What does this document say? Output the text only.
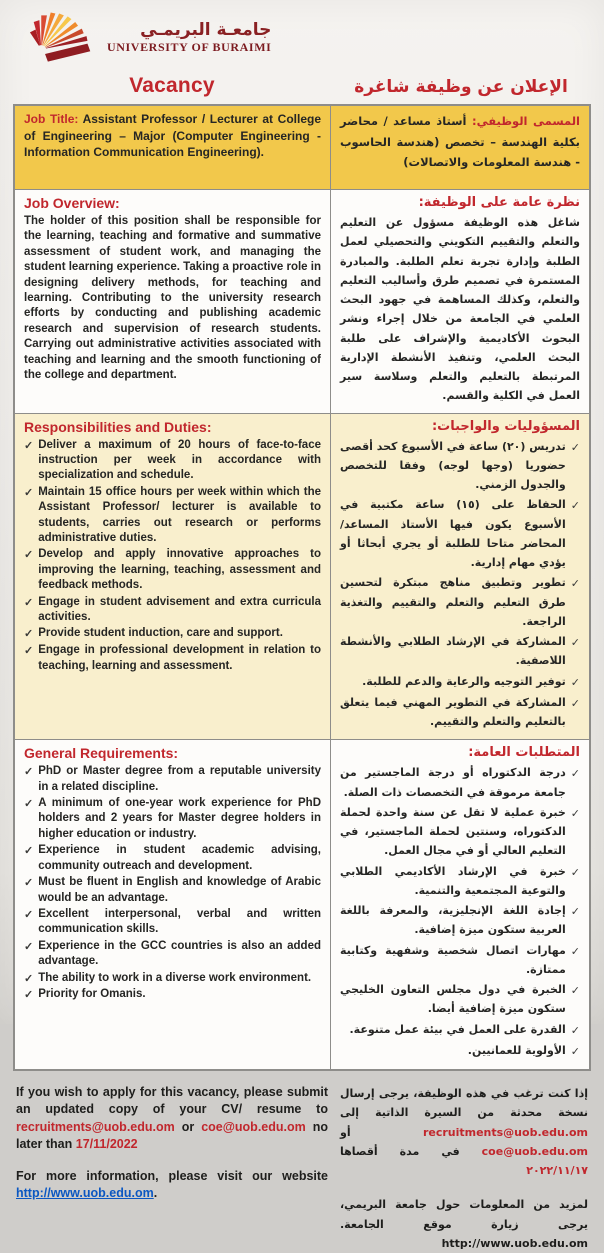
جامعـة البريمـي
UNIVERSITY OF BURAIMI
Vacancy	الإعلان عن وظيفة شاغرة

Job Title: Assistant Professor / Lecturer at College of Engineering – Major (Computer Engineering - Information Communication Engineering).

المسمى الوظيفي: أستاذ مساعد / محاضر بكلية الهندسة – تخصص (هندسة الحاسوب - هندسة المعلومات والاتصالات)

Job Overview:

The holder of this position shall be responsible for the learning, teaching and formative and summative assessment of student work, and managing the student learning experience. Taking a proactive role in designing delivery methods, for teaching and learning. Contributing to the university research efforts by conducting and publishing academic research and supervision of research students. Carrying out administrative activities associated with teaching and learning and the smooth functioning of the college and department.

نظرة عامة على الوظيفة:

شاغل هذه الوظيفة مسؤول عن التعليم والتعلم والتقييم التكويني والتحصيلي لعمل الطلبة وإدارة تجربة تعلم الطلبة. والمبادرة المستمرة في تصميم طرق وأساليب التعليم والتعلم، وكذلك المساهمة في جهود البحث العلمي في الجامعة من خلال إجراء ونشر البحوث الأكاديمية والإشراف على طلبة البحث العلمي، وتنفيذ الأنشطة الإدارية المرتبطة بالتعليم والتعلم وسلاسة سير العمل في الكلية والقسم.

Responsibilities and Duties:
✓ Deliver a maximum of 20 hours of face-to-face instruction per week in accordance with specialization and schedule.
✓ Maintain 15 office hours per week within which the Assistant Professor/ lecturer is available to students, carries out research or performs administrative duties.
✓ Develop and apply innovative approaches to improving the learning, teaching, assessment and feedback methods.
✓ Engage in student advisement and extra curricula activities.
✓ Provide student induction, care and support.
✓ Engage in professional development in relation to teaching, learning and assessment.
المسؤوليات والواجبات:
✓
تدريس (٢٠) ساعة في الأسبوع كحد أقصى حضوريا (وجها لوجه) وفقا للتخصص والجدول الزمني.
✓
الحفاظ على (١٥) ساعة مكتبية في الأسبوع يكون فيها الأستاذ المساعد/ المحاضر متاحا للطلبة أو يجري أبحاثا أو يؤدي مهام إدارية.
✓
تطوير وتطبيق مناهج مبتكرة لتحسين طرق التعليم والتعلم والتقييم والتغذية الراجعة.
✓
المشاركة في الإرشاد الطلابي والأنشطة اللاصفية.
✓
توفير التوجيه والرعاية والدعم للطلبة.
✓
المشاركة في التطوير المهني فيما يتعلق بالتعليم والتعلم والتقييم.
General Requirements:
✓ PhD or Master degree from a reputable university in a related discipline.
✓ A minimum of one-year work experience for PhD holders and 2 years for Master degree holders in higher education or industry.
✓ Experience in student academic advising, community outreach and development.
✓ Must be fluent in English and knowledge of Arabic would be an advantage.
✓ Excellent interpersonal, verbal and written communication skills.
✓ Experience in the GCC countries is also an added advantage.
✓ The ability to work in a diverse work environment.
✓ Priority for Omanis.
المتطلبات العامة:
✓
درجة الدكتوراه أو درجة الماجستير من جامعة مرموقة في التخصصات ذات الصلة.
✓
خبرة عملية لا تقل عن سنة واحدة لحملة الدكتوراه، وسنتين لحملة الماجستير، في التعليم العالي أو في مجال العمل.
✓
خبرة في الإرشاد الأكاديمي الطلابي والتوعية المجتمعية والتنمية.
✓
إجادة اللغة الإنجليزية، والمعرفة باللغة العربية ستكون ميزة إضافية.
✓
مهارات اتصال شخصية وشفهية وكتابية ممتازة.
✓
الخبرة في دول مجلس التعاون الخليجي ستكون ميزة إضافية أيضا.
✓
القدرة على العمل في بيئة عمل متنوعة.
✓
الأولوية للعمانيين.

If you wish to apply for this vacancy, please submit an updated copy of your CV/ resume to recruitments@uob.edu.om or coe@uob.edu.om no later than 17/11/2022

For more information, please visit our website http://www.uob.edu.om.

إذا كنت ترغب في هذه الوظيفة، يرجى إرسال نسخة محدثة من السيرة الذاتية إلى recruitments@uob.edu.om أو coe@uob.edu.om في مدة أقصاها ٢٠٢٢/١١/١٧

لمزيد من المعلومات حول جامعة البريمي، يرجى زيارة موقع الجامعة. http://www.uob.edu.om
